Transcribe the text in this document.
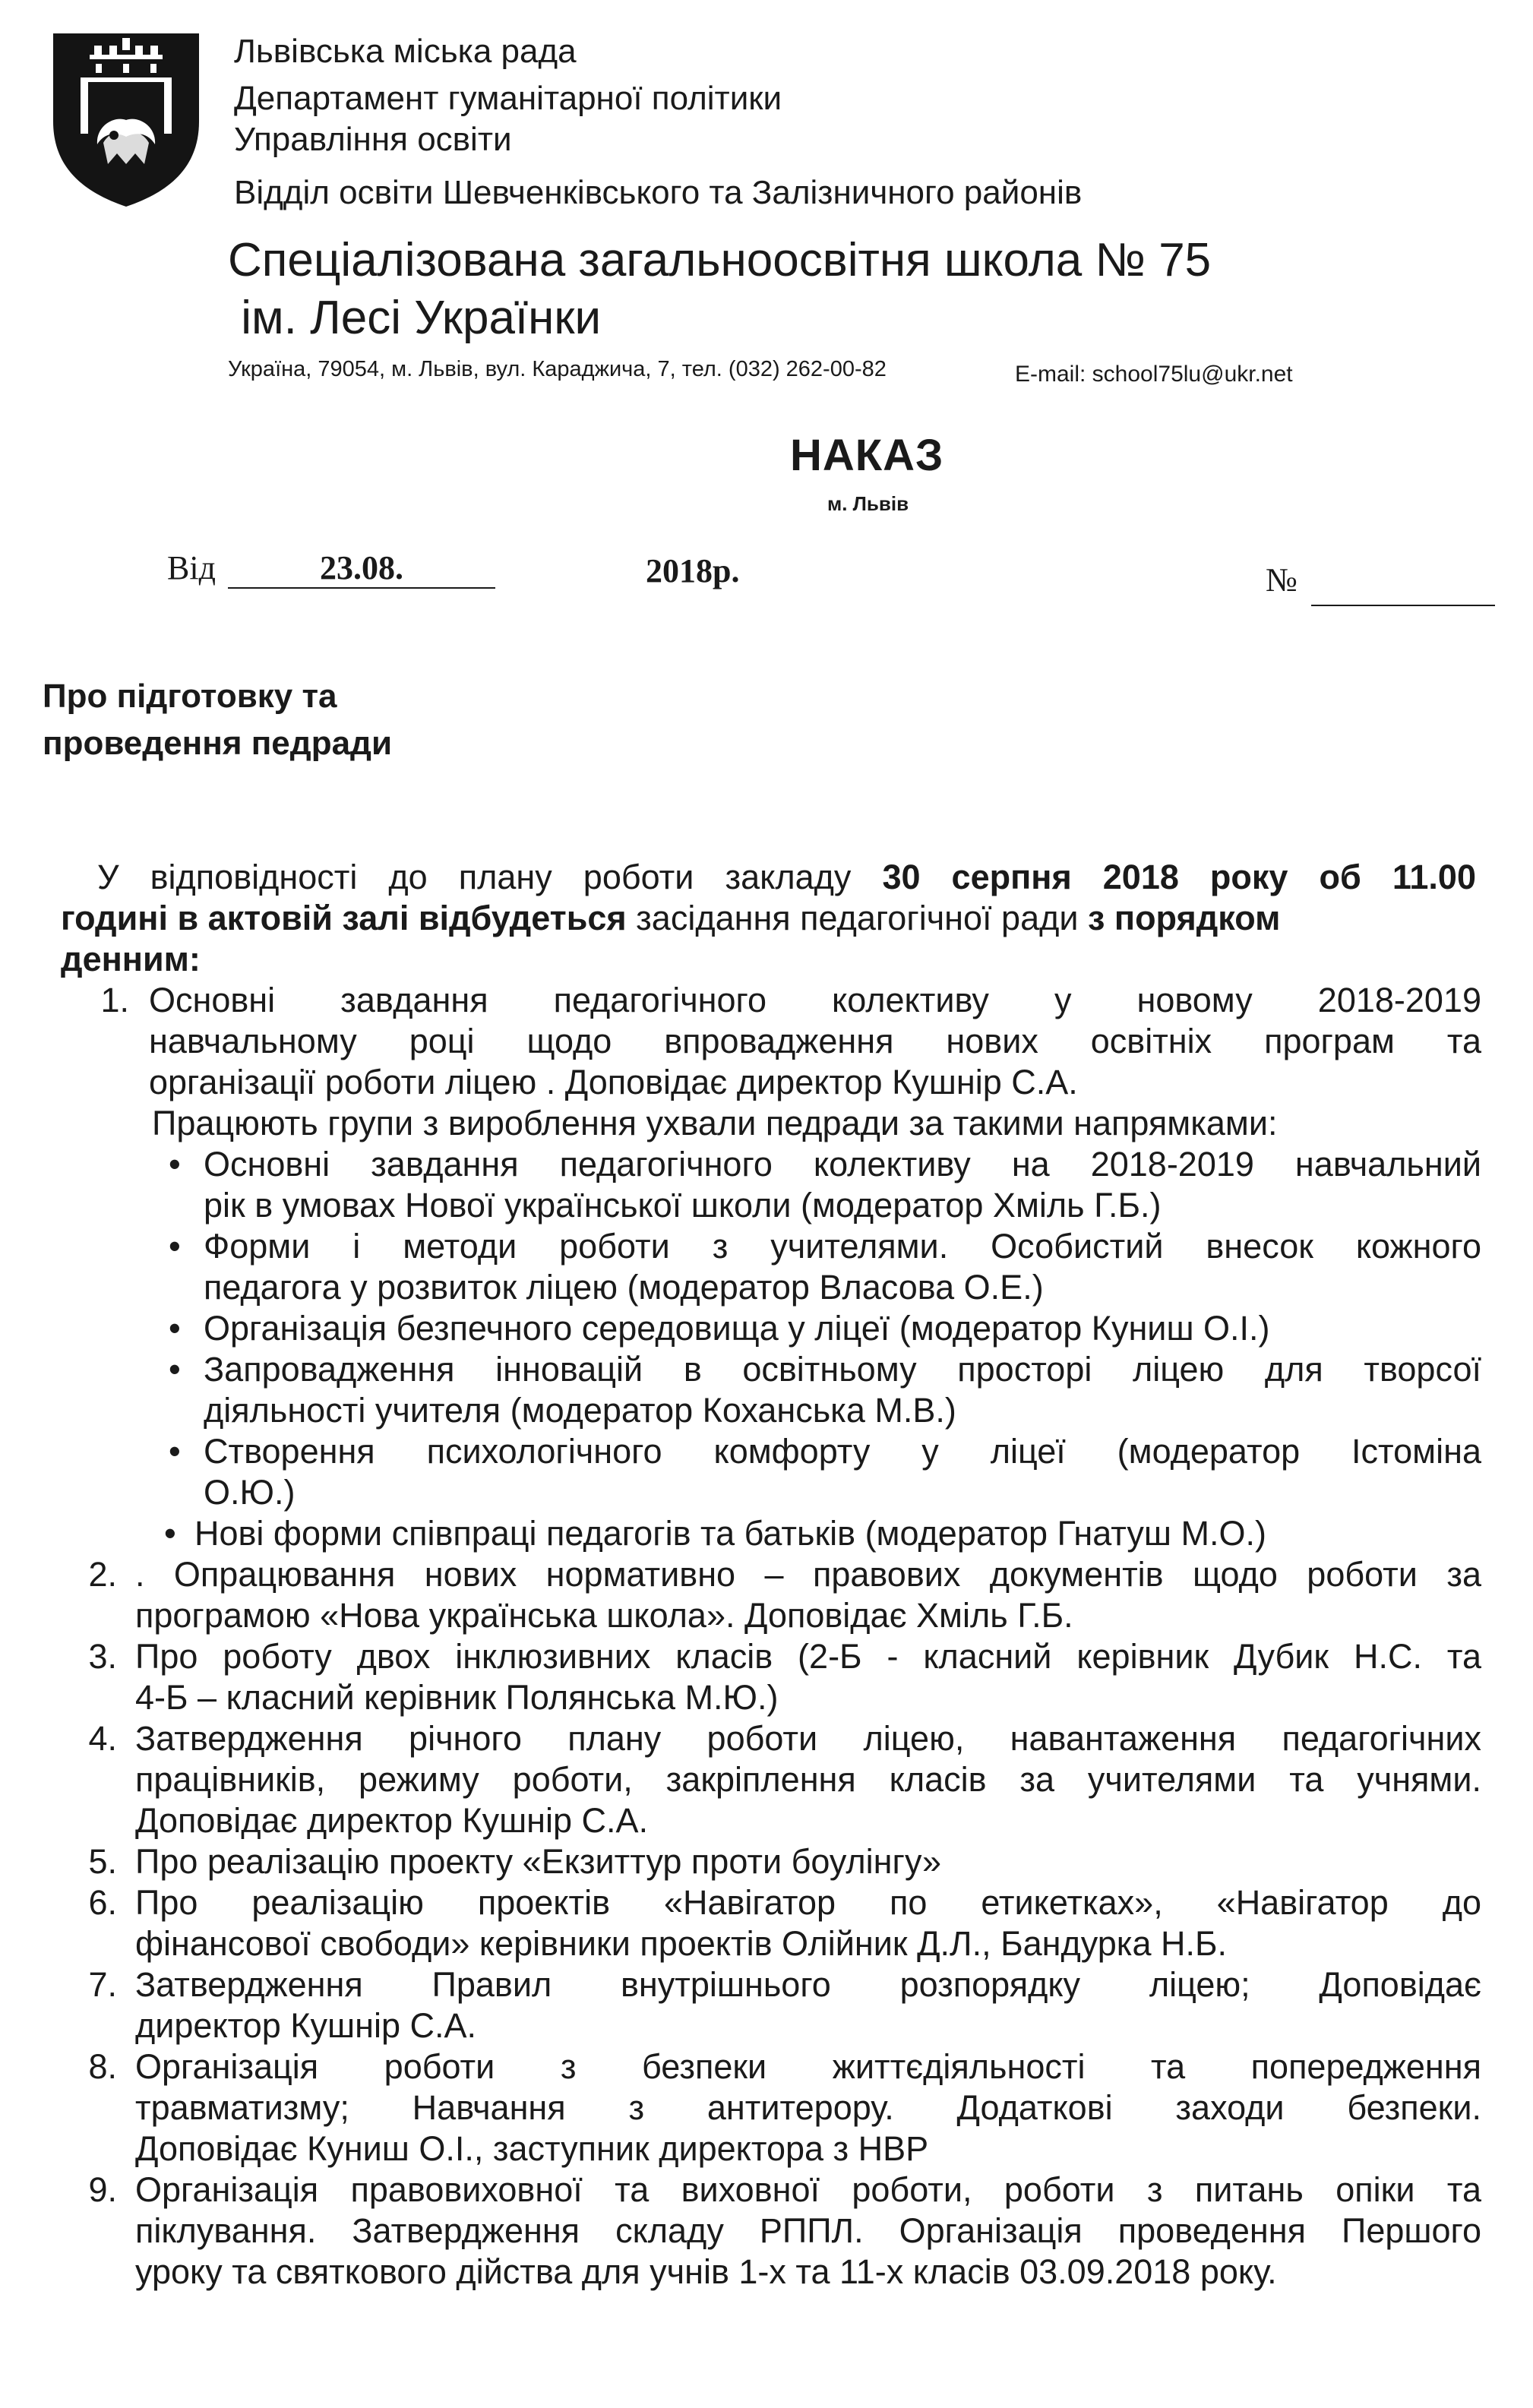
Львівська міська рада
Департамент гуманітарної політики
Управління освіти
Відділ освіти Шевченківського та Залізничного районів
Спеціалізована загальноосвітня школа № 75
ім. Лесі Українки
Україна, 79054, м. Львів, вул. Караджича, 7, тел. (032) 262-00-82	E-mail: school75lu@ukr.net
НАКАЗ
м. Львів
Від	23.08.	2018р.	№
Про підготовку та
проведення педради
У відповідності до плану роботи закладу 30 серпня 2018 року об 11.00
годині в актовій залі відбудеться засідання педагогічної ради з порядком
денним:
1. Основні завдання педагогічного колективу у новому 2018-2019
навчальному році щодо впровадження нових освітніх програм та
організації роботи ліцею . Доповідає директор Кушнір С.А.
Працюють групи з вироблення ухвали педради за такими напрямками:
• Основні завдання педагогічного колективу на 2018-2019 навчальний
рік в умовах Нової української школи (модератор Хміль Г.Б.)
• Форми і методи роботи з учителями. Особистий внесок кожного
педагога у розвиток ліцею (модератор Власова О.Е.)
• Організація безпечного середовища у ліцеї (модератор Куниш О.І.)
• Запровадження інновацій в освітньому просторі ліцею для творсої
діяльності учителя (модератор Коханська М.В.)
• Створення психологічного комфорту у ліцеї (модератор Істоміна
О.Ю.)
• Нові форми співпраці педагогів та батьків (модератор Гнатуш М.О.)
2. . Опрацювання нових нормативно – правових документів щодо роботи за
програмою «Нова українська школа». Доповідає Хміль Г.Б.
3. Про роботу двох інклюзивних класів (2-Б - класний керівник Дубик Н.С. та
4-Б – класний керівник Полянська М.Ю.)
4. Затвердження річного плану роботи ліцею, навантаження педагогічних
працівників, режиму роботи, закріплення класів за учителями та учнями.
Доповідає директор Кушнір С.А.
5. Про реалізацію проекту «Екзиттур проти боулінгу»
6. Про реалізацію проектів «Навігатор по етикетках», «Навігатор до
фінансової свободи» керівники проектів Олійник Д.Л., Бандурка Н.Б.
7. Затвердження Правил внутрішнього розпорядку ліцею; Доповідає
директор Кушнір С.А.
8. Організація роботи з безпеки життєдіяльності та попередження
травматизму; Навчання з антитерору. Додаткові заходи безпеки.
Доповідає Куниш О.І., заступник директора з НВР
9. Організація правовиховної та виховної роботи, роботи з питань опіки та
піклування. Затвердження складу РППЛ. Організація проведення Першого
уроку та святкового дійства для учнів 1-х та 11-х класів 03.09.2018 року.
